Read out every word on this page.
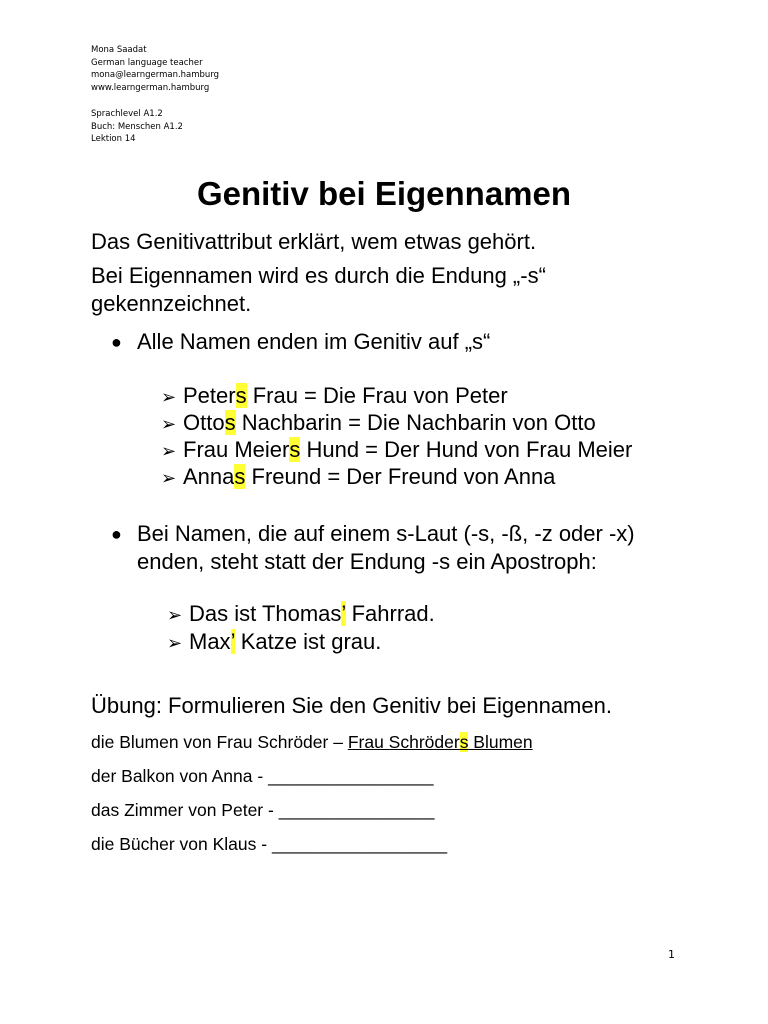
Mona Saadat
German language teacher
mona@learngerman.hamburg
www.learngerman.hamburg
Sprachlevel A1.2
Buch: Menschen A1.2
Lektion 14
Genitiv bei Eigennamen

Das Genitivattribut erklärt, wem etwas gehört.

Bei Eigennamen wird es durch die Endung „-s“
gekennzeichnet.
● Alle Namen enden im Genitiv auf „s“
➢ Peters Frau = Die Frau von Peter
➢ Ottos Nachbarin = Die Nachbarin von Otto
➢ Frau Meiers Hund = Der Hund von Frau Meier
➢ Annas Freund = Der Freund von Anna
● Bei Namen, die auf einem s-Laut (-s, -ß, -z oder -x)
enden, steht statt der Endung -s ein Apostroph:
➢ Das ist Thomas’ Fahrrad.
➢ Max’ Katze ist grau.

Übung: Formulieren Sie den Genitiv bei Eigennamen.

die Blumen von Frau Schröder – Frau Schröders Blumen
der Balkon von Anna - _________________
das Zimmer von Peter - ________________
die Bücher von Klaus - __________________
1
